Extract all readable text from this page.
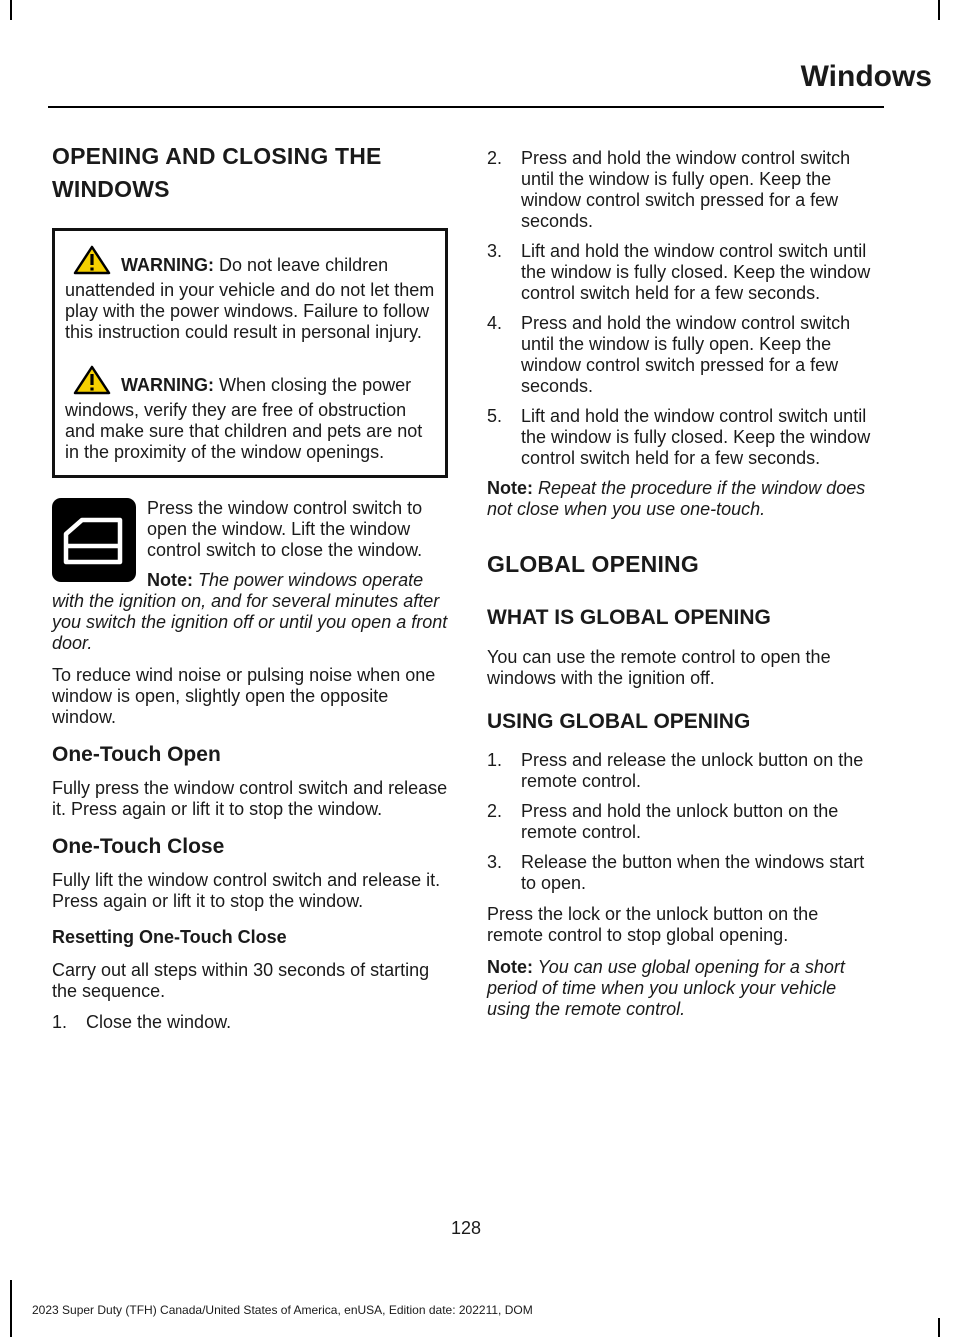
Windows
OPENING AND CLOSING THE
WINDOWS
WARNING: Do not leave children unattended in your vehicle and do not let them play with the power windows. Failure to follow this instruction could result in personal injury.
WARNING: When closing the power windows, verify they are free of obstruction and make sure that children and pets are not in the proximity of the window openings.

Press the window control switch to open the window. Lift the window control switch to close the window.

Note: The power windows operate with the ignition on, and for several minutes after you switch the ignition off or until you open a front door.

To reduce wind noise or pulsing noise when one window is open, slightly open the opposite window.

One-Touch Open

Fully press the window control switch and release it. Press again or lift it to stop the window.

One-Touch Close

Fully lift the window control switch and release it. Press again or lift it to stop the window.

Resetting One-Touch Close

Carry out all steps within 30 seconds of starting the sequence.

1. Close the window.
2. Press and hold the window control switch until the window is fully open. Keep the window control switch pressed for a few seconds.
3. Lift and hold the window control switch until the window is fully closed. Keep the window control switch held for a few seconds.
4. Press and hold the window control switch until the window is fully open. Keep the window control switch pressed for a few seconds.
5. Lift and hold the window control switch until the window is fully closed. Keep the window control switch held for a few seconds.

Note: Repeat the procedure if the window does not close when you use one-touch.

GLOBAL OPENING
WHAT IS GLOBAL OPENING

You can use the remote control to open the windows with the ignition off.

USING GLOBAL OPENING
1. Press and release the unlock button on the remote control.
2. Press and hold the unlock button on the remote control.
3. Release the button when the windows start to open.

Press the lock or the unlock button on the remote control to stop global opening.

Note: You can use global opening for a short period of time when you unlock your vehicle using the remote control.

128
2023 Super Duty (TFH) Canada/United States of America, enUSA, Edition date: 202211, DOM
